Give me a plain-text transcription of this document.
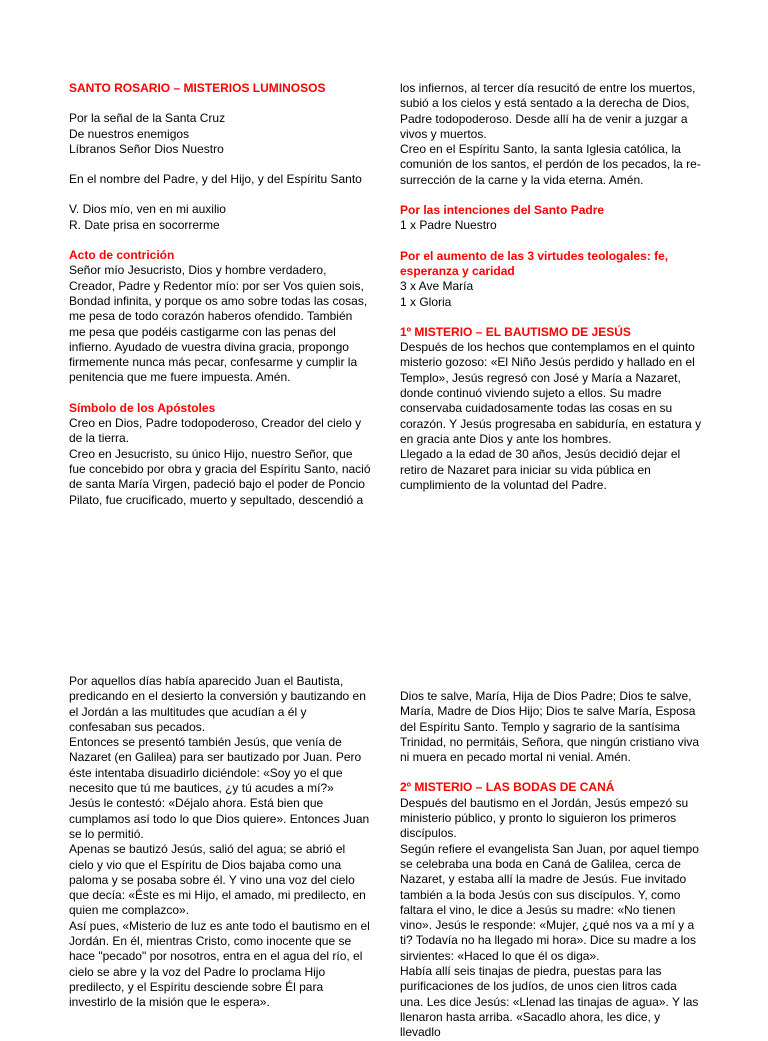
SANTO ROSARIO – MISTERIOS LUMINOSOS

Por la señal de la Santa Cruz

De nuestros enemigos

Líbranos Señor Dios Nuestro

En el nombre del Padre, y del Hijo, y del Espíritu Santo

V. Dios mío, ven en mi auxilio

R. Date prisa en socorrerme

Acto de contrición

Señor mío Jesucristo, Dios y hombre verdadero, Creador, Padre y Redentor mío: por ser Vos quien sois, Bondad infinita, y porque os amo sobre todas las cosas, me pesa de todo corazón haberos ofendido. También me pesa que podéis castigarme con las penas del infierno. Ayudado de vuestra divina gracia, propongo firmemente nunca más pecar, confesarme y cumplir la penitencia que me fuere impuesta. Amén.

Símbolo de los Apóstoles

Creo en Dios, Padre todopoderoso, Creador del cielo y de la tierra.

Creo en Jesucristo, su único Hijo, nuestro Señor, que fue concebido por obra y gracia del Espíritu Santo, nació de santa María Virgen, padeció bajo el poder de Poncio Pilato, fue crucificado, muerto y sepultado, descendió a

los infiernos, al tercer día resucitó de entre los muertos, subió a los cielos y está sentado a la derecha de Dios, Padre todopoderoso. Desde allí ha de venir a juzgar a vivos y muertos.

Creo en el Espíritu Santo, la santa Iglesia católica, la comunión de los santos, el perdón de los pecados, la re-surrección de la carne y la vida eterna. Amén.

Por las intenciones del Santo Padre

1 x Padre Nuestro

Por el aumento de las 3 virtudes teologales: fe, esperanza y caridad

3 x Ave María

1 x Gloria

1º MISTERIO – EL BAUTISMO DE JESÚS

Después de los hechos que contemplamos en el quinto misterio gozoso: «El Niño Jesús perdido y hallado en el Templo», Jesús regresó con José y María a Nazaret, donde continuó viviendo sujeto a ellos. Su madre conservaba cuidadosamente todas las cosas en su corazón. Y Jesús progresaba en sabiduría, en estatura y en gracia ante Dios y ante los hombres.

Llegado a la edad de 30 años, Jesús decidió dejar el retiro de Nazaret para iniciar su vida pública en cumplimiento de la voluntad del Padre.

Por aquellos días había aparecido Juan el Bautista, predicando en el desierto la conversión y bautizando en el Jordán a las multitudes que acudían a él y confesaban sus pecados.

Entonces se presentó también Jesús, que venía de Nazaret (en Galilea) para ser bautizado por Juan. Pero éste intentaba disuadirlo diciéndole: «Soy yo el que necesito que tú me bautices, ¿y tú acudes a mí?»

Jesús le contestó: «Déjalo ahora. Está bien que cumplamos así todo lo que Dios quiere». Entonces Juan se lo permitió.

Apenas se bautizó Jesús, salió del agua; se abrió el cielo y vio que el Espíritu de Dios bajaba como una paloma y se posaba sobre él. Y vino una voz del cielo que decía: «Éste es mi Hijo, el amado, mi predilecto, en quien me complazco».

Así pues, «Misterio de luz es ante todo el bautismo en el Jordán. En él, mientras Cristo, como inocente que se hace "pecado" por nosotros, entra en el agua del río, el cielo se abre y la voz del Padre lo proclama Hijo predilecto, y el Espíritu desciende sobre Él para investirlo de la misión que le espera».

Dios te salve, María, Hija de Dios Padre; Dios te salve, María, Madre de Dios Hijo; Dios te salve María, Esposa del Espíritu Santo. Templo y sagrario de la santísima Trinidad, no permitáis, Señora, que ningún cristiano viva ni muera en pecado mortal ni venial. Amén.

2º MISTERIO – LAS BODAS DE CANÁ

Después del bautismo en el Jordán, Jesús empezó su ministerio público, y pronto lo siguieron los primeros discípulos.

Según refiere el evangelista San Juan, por aquel tiempo se celebraba una boda en Caná de Galilea, cerca de Nazaret, y estaba allí la madre de Jesús. Fue invitado también a la boda Jesús con sus discípulos. Y, como faltara el vino, le dice a Jesús su madre: «No tienen vino». Jesús le responde: «Mujer, ¿qué nos va a mí y a ti? Todavía no ha llegado mi hora». Dice su madre a los sirvientes: «Haced lo que él os diga».

Había allí seis tinajas de piedra, puestas para las purificaciones de los judíos, de unos cien litros cada una. Les dice Jesús: «Llenad las tinajas de agua». Y las llenaron hasta arriba. «Sacadlo ahora, les dice, y llevadlo
